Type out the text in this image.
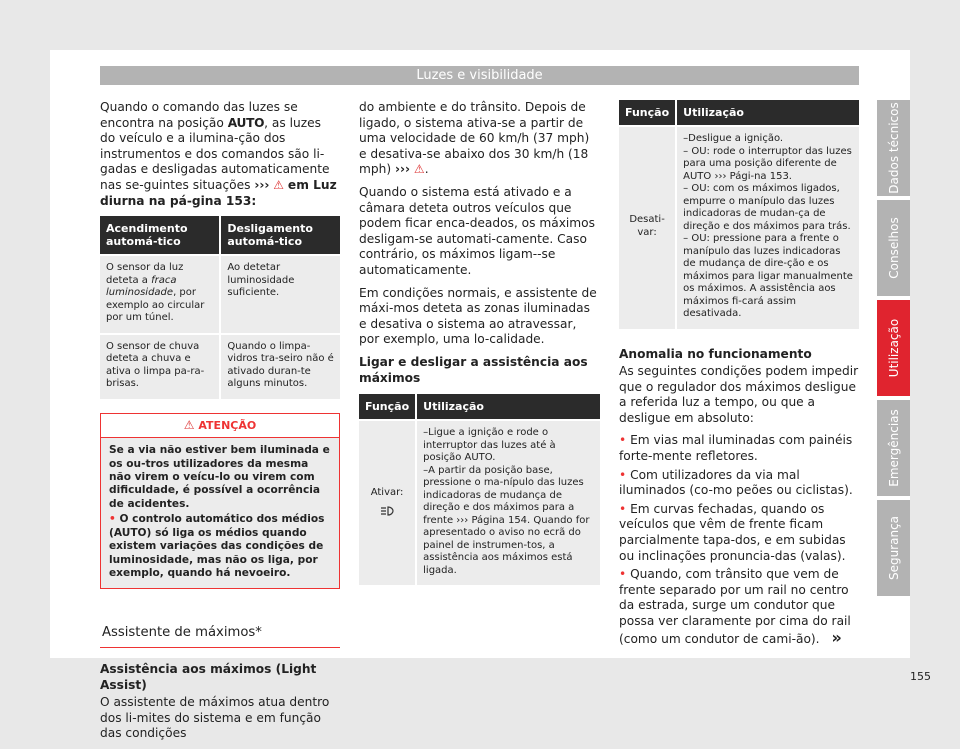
Luzes e visibilidade

Quando o comando das luzes se encontra na posição AUTO, as luzes do veículo e a ilumina-ção dos instrumentos e dos comandos são li-gadas e desligadas automaticamente nas se-guintes situações ››› ⚠ em Luz diurna na pá-gina 153:

Acendimento automá-tico	Desligamento automá-tico
O sensor da luz deteta a fraca luminosidade, por exemplo ao circular por um túnel.	Ao detetar luminosidade suficiente.
O sensor de chuva deteta a chuva e ativa o limpa pa-ra-brisas.	Quando o limpa-vidros tra-seiro não é ativado duran-te alguns minutos.
⚠ ATENÇÃO
Se a via não estiver bem iluminada e os ou-tros utilizadores da mesma não virem o veícu-lo ou virem com dificuldade, é possível a ocorrência de acidentes.
• O controlo automático dos médios (AUTO) só liga os médios quando existem variações das condições de luminosidade, mas não os liga, por exemplo, quando há nevoeiro.
Assistente de máximos*
Assistência aos máximos (Light Assist)

O assistente de máximos atua dentro dos li-mites do sistema e em função das condições

do ambiente e do trânsito. Depois de ligado, o sistema ativa-se a partir de uma velocidade de 60 km/h (37 mph) e desativa-se abaixo dos 30 km/h (18 mph) ››› ⚠.

Quando o sistema está ativado e a câmara deteta outros veículos que podem ficar enca-deados, os máximos desligam-se automati-camente. Caso contrário, os máximos ligam--se automaticamente.

Em condições normais, e assistente de máxi-mos deteta as zonas iluminadas e desativa o sistema ao atravessar, por exemplo, uma lo-calidade.

Ligar e desligar a assistência aos máximos
Função	Utilização
Ativar:	–Ligue a ignição e rode o interruptor das luzes até à posição AUTO.
–A partir da posição base, pressione o ma-nípulo das luzes indicadoras de mudança de direção e dos máximos para a frente ››› Página 154. Quando for apresentado o aviso no ecrã do painel de instrumen-tos, a assistência aos máximos está ligada.
Função	Utilização
Desati-var:	–Desligue a ignição.
– OU: rode o interruptor das luzes para uma posição diferente de AUTO ››› Pági-na 153.
– OU: com os máximos ligados, empurre o manípulo das luzes indicadoras de mudan-ça de direção e dos máximos para trás.
– OU: pressione para a frente o manípulo das luzes indicadoras de mudança de dire-ção e os máximos para ligar manualmente os máximos. A assistência aos máximos fi-cará assim desativada.
Anomalia no funcionamento

As seguintes condições podem impedir que o regulador dos máximos desligue a referida luz a tempo, ou que a desligue em absoluto:

• Em vias mal iluminadas com painéis forte-mente refletores.
• Com utilizadores da via mal iluminados (co-mo peões ou ciclistas).
• Em curvas fechadas, quando os veículos que vêm de frente ficam parcialmente tapa-dos, e em subidas ou inclinações pronuncia-das (valas).
• Quando, com trânsito que vem de frente separado por um rail no centro da estrada, surge um condutor que possa ver claramente por cima do rail (como um condutor de cami-ão). »
155
Dados técnicos
Conselhos
Utilização
Emergências
Segurança
